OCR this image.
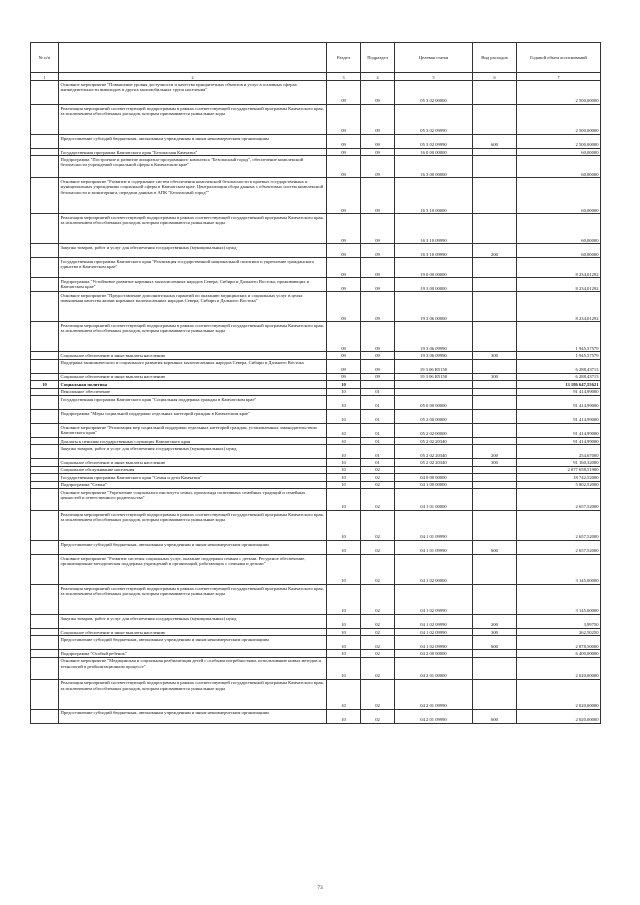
№ п/п		Раздел	Подраздел	Целевая статья	Вид расходов	Годовой объем ассигнований
1	2	3	4	5	6	7
	Основное мероприятие "Повышение уровня доступности и качества приоритетных объектов и услуг в основных сферах жизнедеятельности инвалидов и других маломобильных групп населения"	09	09	05 3 02 00000		2 500,00000
	Реализация мероприятий соответствующей подпрограммы в рамках соответствующей государственной программы Камчатского края, за исключением обособленных расходов, которым присваиваются уникальные коды	09	09	05 3 02 09990		2 500,00000
	Предоставление субсидий бюджетным, автономным учреждениям и иным некоммерческим организациям	09	09	05 3 02 09990	600	2 500,00000
	Государственная программа Камчатского края "Безопасная Камчатка"	09	09	16 0 00 00000		60,00000
	Подпрограмма "Построение и развитие аппаратно-программного комплекса "Безопасный город", обеспечение комплексной безопасности учреждений социальной сферы в Камчатском крае"	09	09	16 3 00 00000		60,00000
	Основное мероприятие "Развитие и содержание систем обеспечения комплексной безопасности в краевых государственных и муниципальных учреждениях социальной сферы в Камчатском крае. Централизация сбора данных с объектовых систем комплексной безопасности и мониторинга, передачи данных в АПК "Безопасный город""	09	09	16 3 10 00000		60,00000
	Реализация мероприятий соответствующей подпрограммы в рамках соответствующей государственной программы Камчатского края, за исключением обособленных расходов, которым присваиваются уникальные коды	09	09	16 3 10 09990		60,00000
	Закупка товаров, работ и услуг для обеспечения государственных (муниципальных) нужд	09	09	16 3 10 09990	200	60,00000
	Государственная программа Камчатского края "Реализация государственной национальной политики и укрепление гражданского единства в Камчатском крае"	09	09	19 0 00 00000		8 234,01292
	Подпрограмма "Устойчивое развитие коренных малочисленных народов Севера, Сибири и Дальнего Востока, проживающих в Камчатском крае"	09	09	19 3 00 00000		8 234,01292
	Основное мероприятие "Предоставление дополнительных гарантий по оказанию медицинских и социальных услуг в целях повышения качества жизни коренных малочисленных народов Севера, Сибири и Дальнего Востока"	09	09	19 3 06 00000		8 234,01292
	Реализация мероприятий соответствующей подпрограммы в рамках соответствующей государственной программы Камчатского края, за исключением обособленных расходов, которым присваиваются уникальные коды	09	09	19 3 06 09990		1 945,57579
	Социальное обеспечение и иные выплаты населению	09	09	19 3 06 09990	300	1 945,57579
	Поддержка экономического и социального развития коренных малочисленных народов Севера, Сибири и Дальнего Востока	09	09	19 3 06 R5150		6 288,43713
	Социальное обеспечение и иные выплаты населению	09	09	19 3 06 R5150	300	6 288,43713
10	Социальная политика	10				13 186 647,55621
	Пенсионное обеспечение	10	01			91 414,99000
	Государственная программа Камчатского края "Социальная поддержка граждан в Камчатском крае"	10	01	05 0 00 00000		91 414,99000
	Подпрограмма "Меры социальной поддержки отдельных категорий граждан в Камчатском крае"	10	01	05 2 00 00000		91 414,99000
	Основное мероприятие "Реализация мер социальной поддержки отдельных категорий граждан, установленных законодательством Камчатского края"	10	01	05 2 02 00000		91 414,99000
	Доплаты к пенсиям государственных служащих Камчатского края	10	01	05 2 02 20340		91 414,99000
	Закупка товаров, работ и услуг для обеспечения государственных (муниципальных) нужд	10	01	05 2 02 20340	200	254,67000
	Социальное обеспечение и иные выплаты населению	10	01	05 2 02 20340	300	91 160,32000
	Социальное обслуживание населения	10	02			2 077 658,51900
	Государственная программа Камчатского края "Семья и дети Камчатки"	10	02	04 0 00 00000		18 742,52000
	Подпрограмма "Семья"	10	02	04 1 00 00000		5 802,52000
	Основное мероприятие "Укрепление социального института семьи, пропаганда позитивных семейных традиций и семейных ценностей и ответственного родительства"	10	02	04 1 01 00000		2 657,52000
	Реализация мероприятий соответствующей подпрограммы в рамках соответствующей государственной программы Камчатского края, за исключением обособленных расходов, которым присваиваются уникальные коды	10	02	04 1 01 09990		2 657,52000
	Предоставление субсидий бюджетным, автономным учреждениям и иным некоммерческим организациям	10	02	04 1 01 09990	600	2 657,52000
	Основное мероприятие "Развитие системы социальных услуг, оказание поддержки семьям с детьми. Ресурсное обеспечение, организационно-методическая поддержка учреждений и организаций, работающих с семьями и детьми"	10	02	04 1 02 00000		3 145,00000
	Реализация мероприятий соответствующей подпрограммы в рамках соответствующей государственной программы Камчатского края, за исключением обособленных расходов, которым присваиваются уникальные коды	10	02	04 1 02 09990		3 145,00000
	Закупка товаров, работ и услуг для обеспечения государственных (муниципальных) нужд	10	02	04 1 02 09990	200	3,99750
	Социальное обеспечение и иные выплаты населению	10	02	04 1 02 09990	300	262,50250
	Предоставление субсидий бюджетным, автономным учреждениям и иным некоммерческим организациям	10	02	04 1 02 09990	600	2 878,50000
	Подпрограмма "Особый ребенок"	10	02	04 2 00 00000		6 400,00000
	Основное мероприятие "Медицинская и социальная реабилитация детей с особыми потребностями, использование новых методов и технологий в реабилитационном процессе"	10	02	04 2 01 00000		2 020,00000
	Реализация мероприятий соответствующей подпрограммы в рамках соответствующей государственной программы Камчатского края, за исключением обособленных расходов, которым присваиваются уникальные коды	10	02	04 2 01 09990		2 020,00000
	Предоставление субсидий бюджетным, автономным учреждениям и иным некоммерческим организациям	10	02	04 2 01 09990	600	2 020,00000
73
